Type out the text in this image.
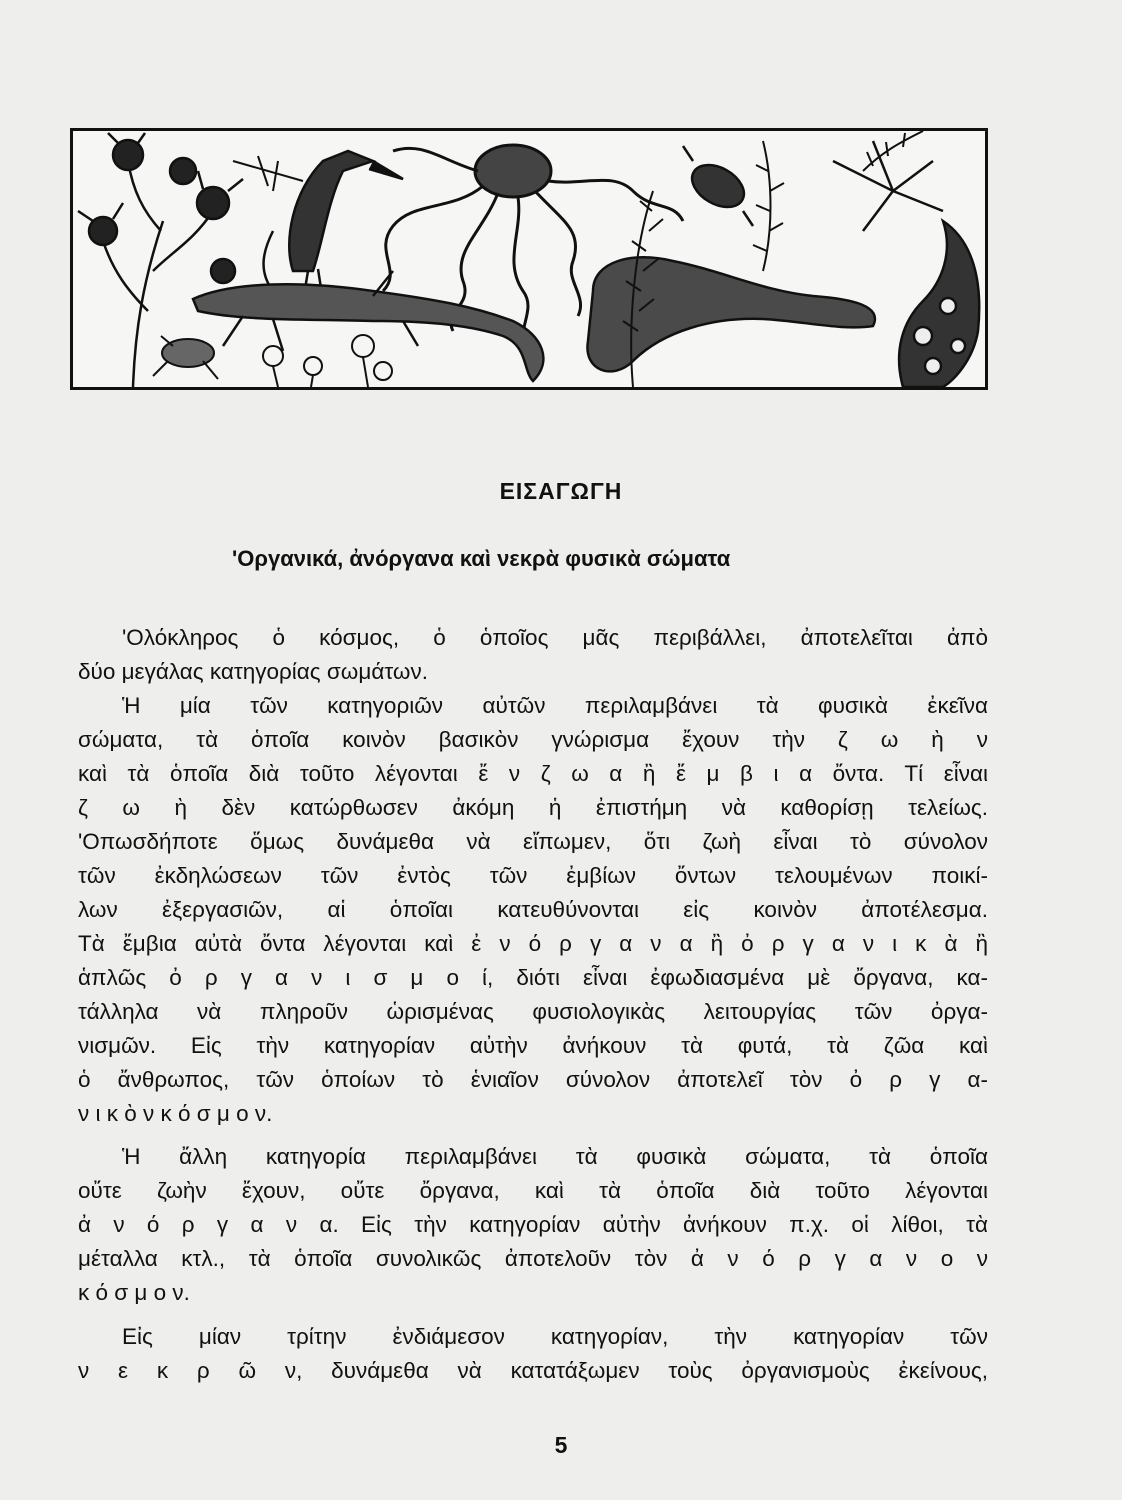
ΕΙΣΑΓΩΓΗ
'Οργανικά, ἀνόργανα καὶ νεκρὰ φυσικὰ σώματα
'Ολόκληρος ὁ κόσμος, ὁ ὁποῖος μᾶς περιβάλλει, ἀποτελεῖται ἀπὸ
δύο μεγάλας κατηγορίας σωμάτων.
Ἡ μία τῶν κατηγοριῶν αὐτῶν περιλαμβάνει τὰ φυσικὰ ἐκεῖνα
σώματα, τὰ ὁποῖα κοινὸν βασικὸν γνώρισμα ἔχουν τὴν ζ ω ὴ ν
καὶ τὰ ὁποῖα διὰ τοῦτο λέγονται ἔ ν ζ ω α ἢ ἔ μ β ι α ὄντα. Τί εἶναι
ζ ω ὴ δὲν κατώρθωσεν ἀκόμη ἡ ἐπιστήμη νὰ καθορίσῃ τελείως.
'Οπωσδήποτε ὅμως δυνάμεθα νὰ εἴπωμεν, ὅτι ζωὴ εἶναι τὸ σύνολον
τῶν ἐκδηλώσεων τῶν ἐντὸς τῶν ἐμβίων ὄντων τελουμένων ποικί-
λων ἐξεργασιῶν, αἱ ὁποῖαι κατευθύνονται εἰς κοινὸν ἀποτέλεσμα.
Τὰ ἔμβια αὐτὰ ὄντα λέγονται καὶ ἐ ν ό ρ γ α ν α ἢ ὀ ρ γ α ν ι κ ὰ ἢ
ἁπλῶς ὀ ρ γ α ν ι σ μ ο ί, διότι εἶναι ἐφωδιασμένα μὲ ὄργανα, κα-
τάλληλα νὰ πληροῦν ὡρισμένας φυσιολογικὰς λειτουργίας τῶν ὀργα-
νισμῶν. Εἰς τὴν κατηγορίαν αὐτὴν ἀνήκουν τὰ φυτά, τὰ ζῶα καὶ
ὁ ἄνθρωπος, τῶν ὁποίων τὸ ἑνιαῖον σύνολον ἀποτελεῖ τὸν ὀ ρ γ α-
ν ι κ ὸ ν κ ό σ μ ο ν.
Ἡ ἄλλη κατηγορία περιλαμβάνει τὰ φυσικὰ σώματα, τὰ ὁποῖα
οὔτε ζωὴν ἔχουν, οὔτε ὄργανα, καὶ τὰ ὁποῖα διὰ τοῦτο λέγονται
ἀ ν ό ρ γ α ν α. Εἰς τὴν κατηγορίαν αὐτὴν ἀνήκουν π.χ. οἱ λίθοι, τὰ
μέταλλα κτλ., τὰ ὁποῖα συνολικῶς ἀποτελοῦν τὸν ἀ ν ό ρ γ α ν ο ν
κ ό σ μ ο ν.
Εἰς μίαν τρίτην ἐνδιάμεσον κατηγορίαν, τὴν κατηγορίαν τῶν
ν ε κ ρ ῶ ν, δυνάμεθα νὰ κατατάξωμεν τοὺς ὀργανισμοὺς ἐκείνους,
5
